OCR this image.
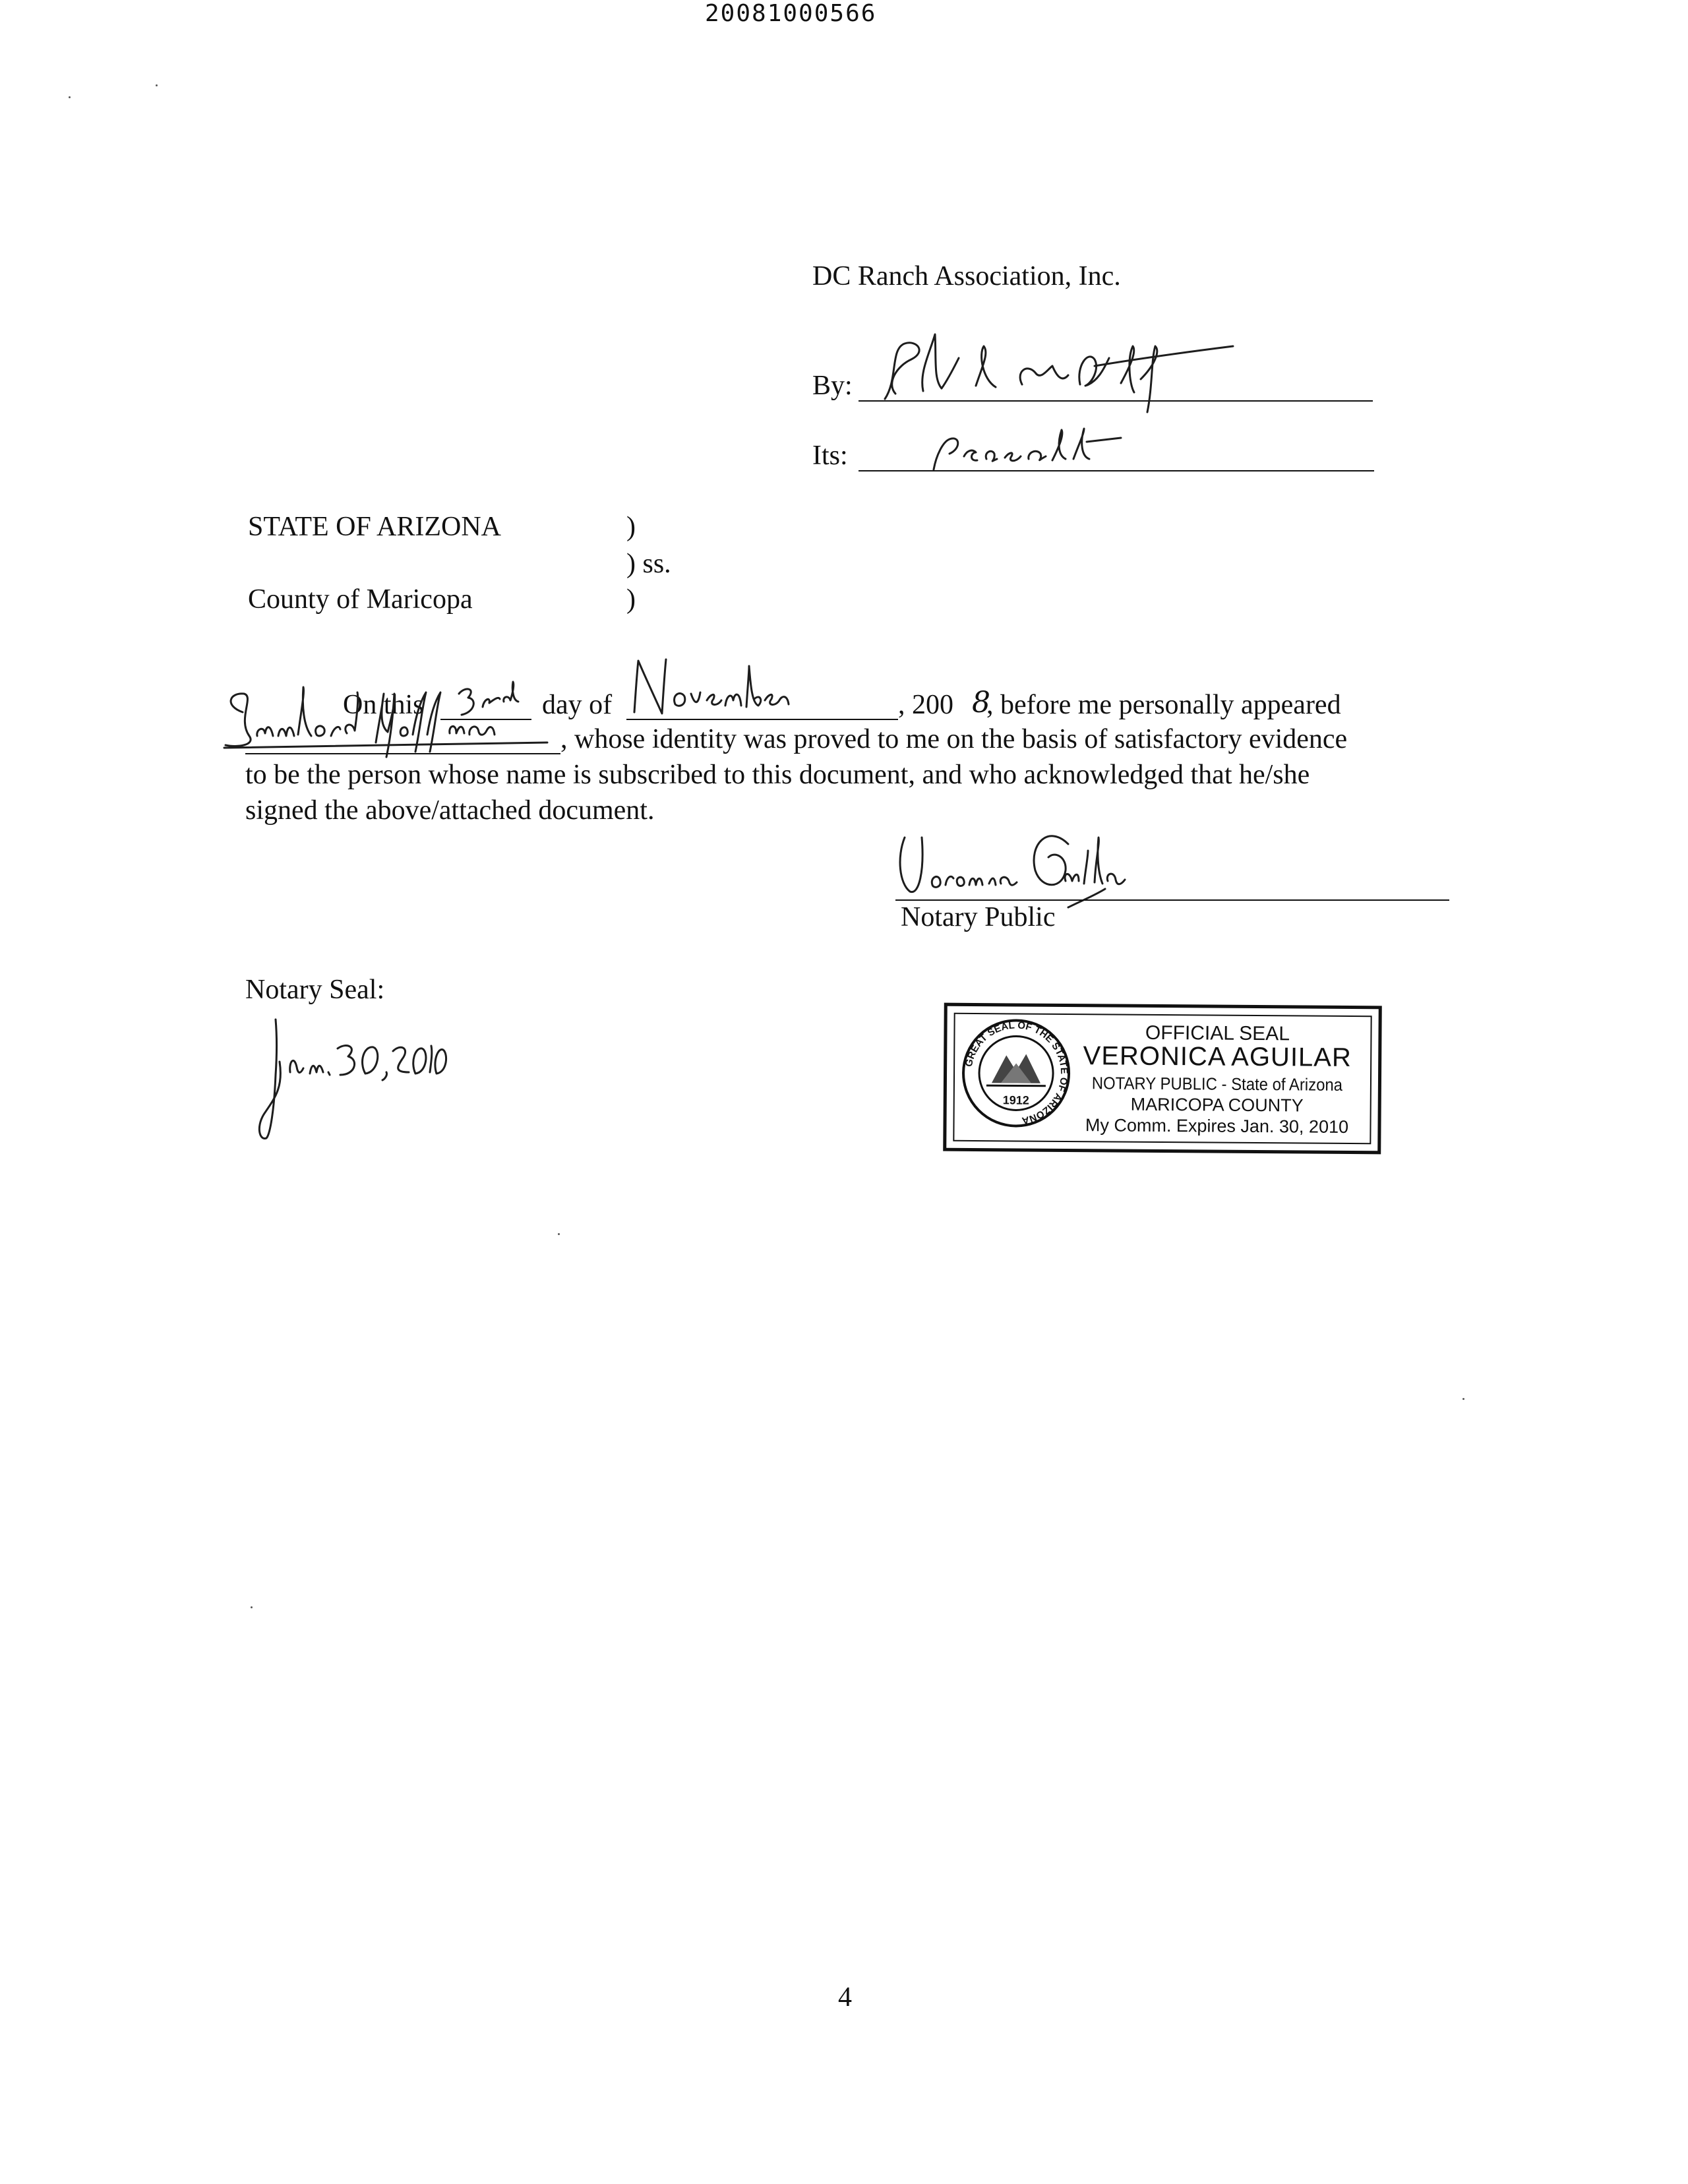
20081000566
DC Ranch Association, Inc.
By:
Its:
STATE OF ARIZONA	)
) ss.
County of Maricopa	)
On this	day of	, 200 8
, before me personally appeared
, whose identity was proved to me on the basis of satisfactory evidence
to be the person whose name is subscribed to this document, and who acknowledged that he/she
signed the above/attached document.
Notary Public
Notary Seal:
GREAT SEAL OF THE STATE OF ARIZONA
1912
OFFICIAL SEAL
VERONICA AGUILAR
NOTARY PUBLIC - State of Arizona
MARICOPA COUNTY
My Comm. Expires Jan. 30, 2010
4
